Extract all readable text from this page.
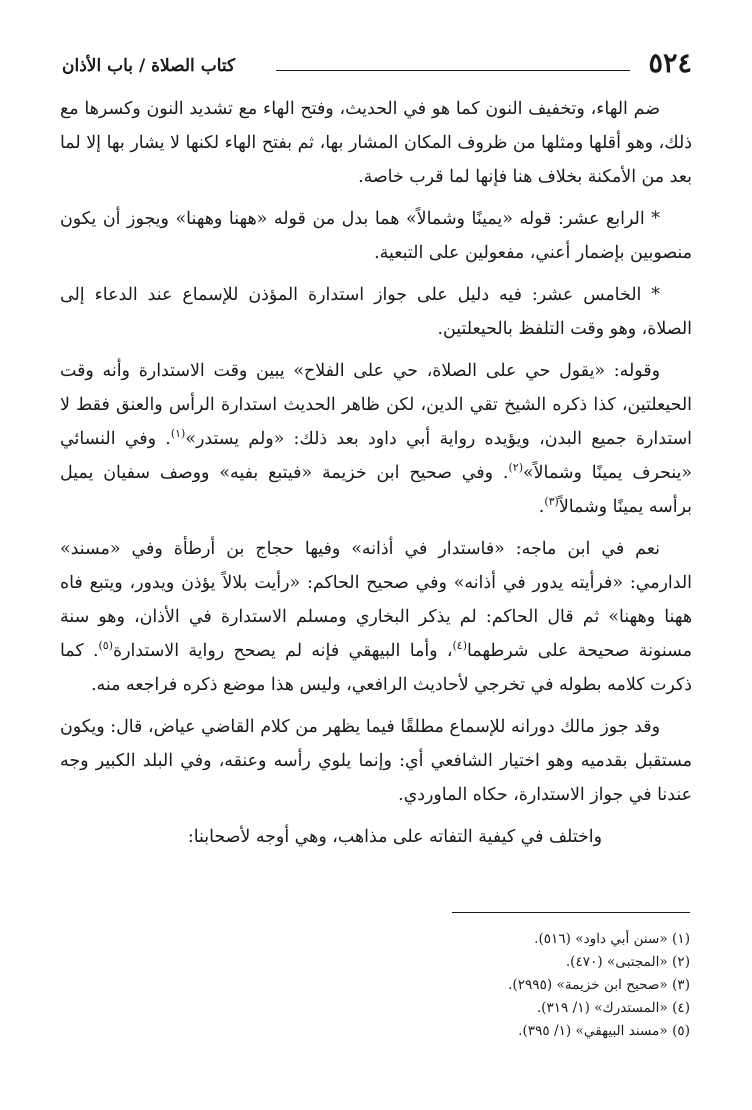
٥٢٤
كتاب الصلاة / باب الأذان

ضم الهاء، وتخفيف النون كما هو في الحديث، وفتح الهاء مع تشديد النون وكسرها مع ذلك، وهو أقلها ومثلها من ظروف المكان المشار بها، ثم بفتح الهاء لكنها لا يشار بها إلا لما بعد من الأمكنة بخلاف هنا فإنها لما قرب خاصة.

* الرابع عشر: قوله «يمينًا وشمالاً» هما بدل من قوله «ههنا وههنا» ويجوز أن يكون منصوبين بإضمار أعني، مفعولين على التبعية.

* الخامس عشر: فيه دليل على جواز استدارة المؤذن للإسماع عند الدعاء إلى الصلاة، وهو وقت التلفظ بالحيعلتين.

وقوله: «يقول حي على الصلاة، حي على الفلاح» يبين وقت الاستدارة وأنه وقت الحيعلتين، كذا ذكره الشيخ تقي الدين، لكن ظاهر الحديث استدارة الرأس والعنق فقط لا استدارة جميع البدن، ويؤيده رواية أبي داود بعد ذلك: «ولم يستدر»$^{(١)}$. وفي النسائي «ينحرف يمينًا وشمالاً»$^{(٢)}$. وفي صحيح ابن خزيمة «فيتبع بفيه» ووصف سفيان يميل برأسه يمينًا وشمالاً$^{(٣)}$.

نعم في ابن ماجه: «فاستدار في أذانه» وفيها حجاج بن أرطأة وفي «مسند» الدارمي: «فرأيته يدور في أذانه» وفي صحيح الحاكم: «رأيت بلالاً يؤذن ويدور، ويتبع فاه ههنا وههنا» ثم قال الحاكم: لم يذكر البخاري ومسلم الاستدارة في الأذان، وهو سنة مسنونة صحيحة على شرطهما$^{(٤)}$، وأما البيهقي فإنه لم يصحح رواية الاستدارة$^{(٥)}$. كما ذكرت كلامه بطوله في تخرجي لأحاديث الرافعي، وليس هذا موضع ذكره فراجعه منه.

وقد جوز مالك دورانه للإسماع مطلقًا فيما يظهر من كلام القاضي عياض، قال: ويكون مستقبل بقدميه وهو اختيار الشافعي أي: وإنما يلوي رأسه وعنقه، وفي البلد الكبير وجه عندنا في جواز الاستدارة، حكاه الماوردي.

واختلف في كيفية التفاته على مذاهب، وهي أوجه لأصحابنا:

(١) «سنن أبي داود» (٥١٦).

(٢) «المجتبى» (٤٧٠).

(٣) «صحيح ابن خزيمة» (٢٩٩٥).

(٤) «المستدرك» (١/ ٣١٩).

(٥) «مسند البيهقي» (١/ ٣٩٥).
